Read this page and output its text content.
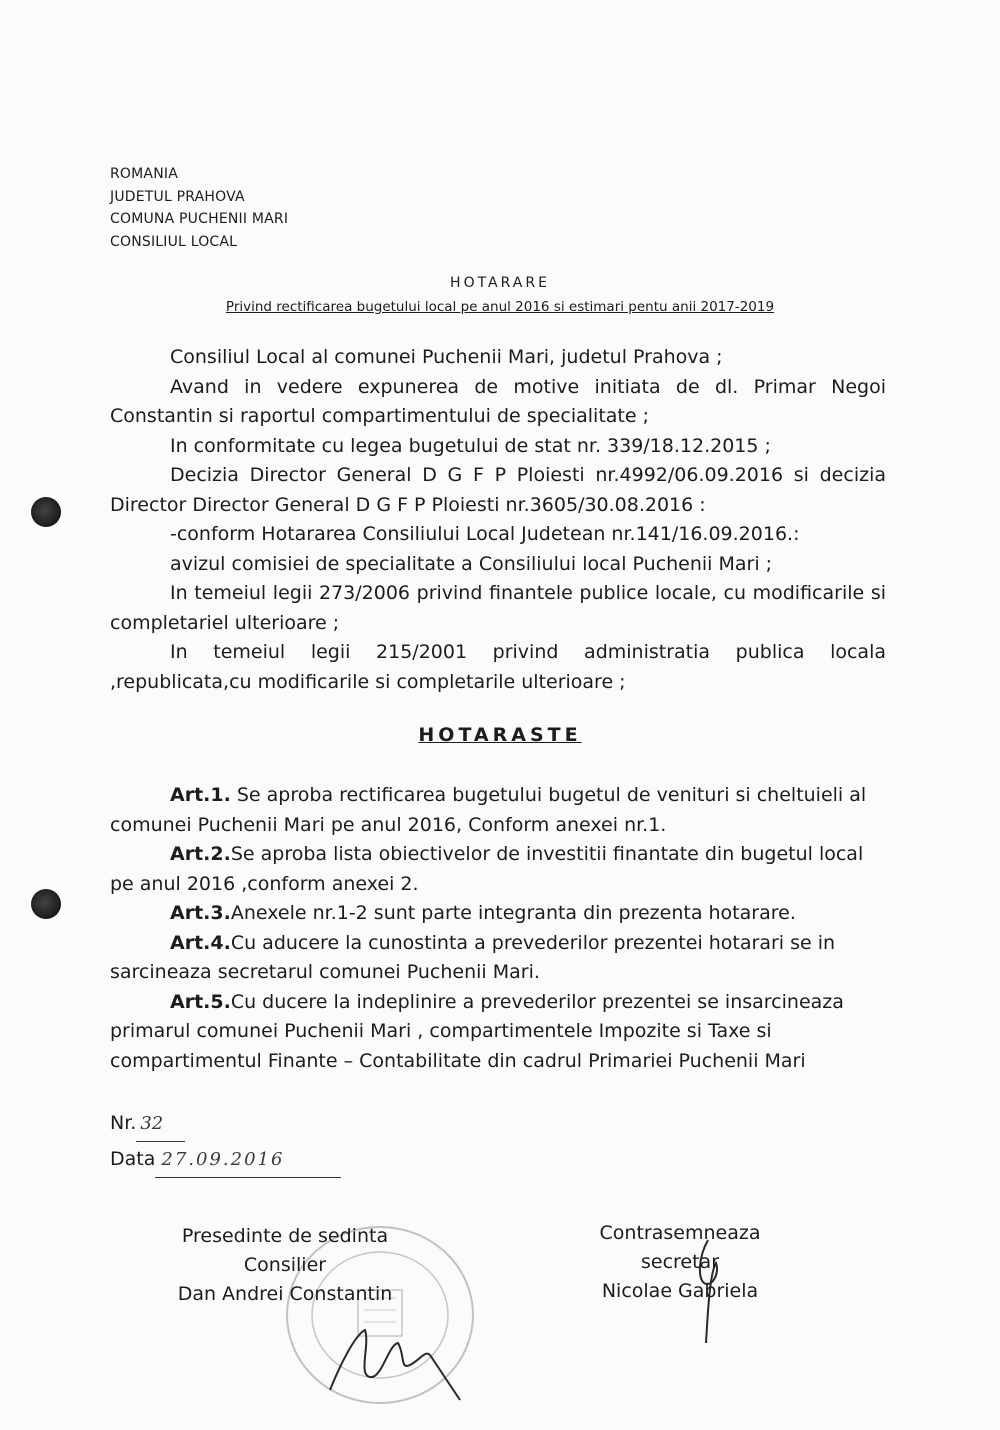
ROMANIA
JUDETUL PRAHOVA
COMUNA PUCHENII MARI
CONSILIUL LOCAL
HOTARARE
Privind rectificarea bugetului local pe anul 2016 si estimari pentu anii 2017-2019

Consiliul Local al comunei Puchenii Mari, judetul Prahova ;

Avand in vedere expunerea de motive initiata de dl. Primar Negoi Constantin si raportul compartimentului de specialitate ;

In conformitate cu legea bugetului de stat nr. 339/18.12.2015 ;

Decizia Director General D G F P Ploiesti nr.4992/06.09.2016 si decizia Director Director General D G F P Ploiesti nr.3605/30.08.2016 :

-conform Hotararea Consiliului Local Judetean nr.141/16.09.2016.:

avizul comisiei de specialitate a Consiliului local Puchenii Mari ;

In temeiul legii 273/2006 privind finantele publice locale, cu modificarile si completariel ulterioare ;

In temeiul legii 215/2001 privind administratia publica locala ,republicata,cu modificarile si completarile ulterioare ;

HOTARASTE

Art.1. Se aproba rectificarea bugetului bugetul de venituri si cheltuieli al comunei Puchenii Mari pe anul 2016, Conform anexei nr.1.

Art.2.Se aproba lista obiectivelor de investitii finantate din bugetul local pe anul 2016 ,conform anexei 2.

Art.3.Anexele nr.1-2 sunt parte integranta din prezenta hotarare.

Art.4.Cu aducere la cunostinta a prevederilor prezentei hotarari se in sarcineaza secretarul comunei Puchenii Mari.

Art.5.Cu ducere la indeplinire a prevederilor prezentei se insarcineaza primarul comunei Puchenii Mari , compartimentele Impozite si Taxe si compartimentul Finante – Contabilitate din cadrul Primariei Puchenii Mari

Nr. 32
Data 27.09.2016
Presedinte de sedinta
Consilier
Dan Andrei Constantin
Contrasemneaza
secretar
Nicolae Gabriela
